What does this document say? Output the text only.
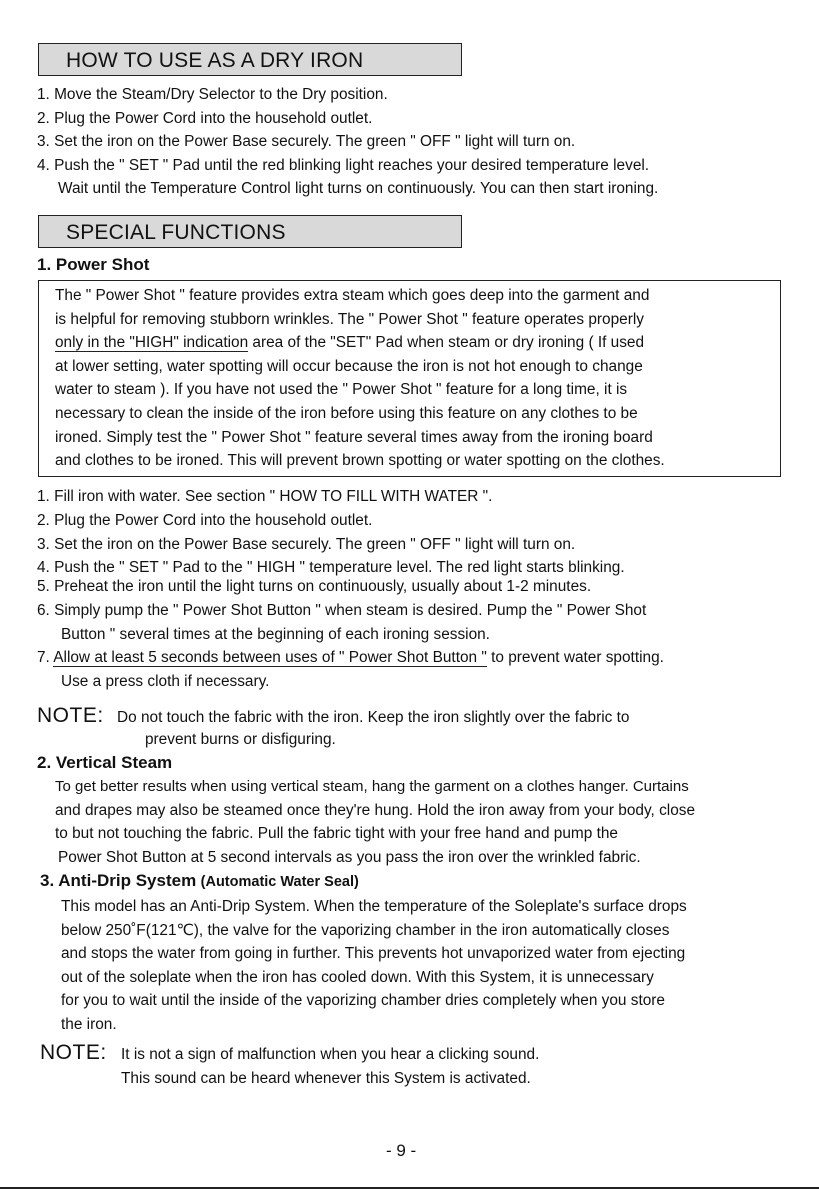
HOW TO USE AS A DRY IRON
1. Move the Steam/Dry Selector to the Dry position.
2. Plug the Power Cord into the household outlet.
3. Set the iron on the Power Base securely. The green " OFF " light will turn on.
4. Push the " SET " Pad until the red blinking light reaches your desired temperature level.
Wait until the Temperature Control light turns on continuously. You can then start ironing.
SPECIAL FUNCTIONS
1. Power Shot
The " Power Shot " feature provides extra steam which goes deep into the garment and
is helpful for removing stubborn wrinkles. The " Power Shot " feature operates properly
only in the "HIGH" indication area of the "SET" Pad when steam or dry ironing ( If used
at lower setting, water spotting will occur because the iron is not hot enough to change
water to steam ). If you have not used the " Power Shot " feature for a long time, it is
necessary to clean the inside of the iron before using this feature on any clothes to be
ironed. Simply test the " Power Shot " feature several times away from the ironing board
and clothes to be ironed. This will prevent brown spotting or water spotting on the clothes.
1. Fill iron with water. See section " HOW TO FILL WITH WATER ".
2. Plug the Power Cord into the household outlet.
3. Set the iron on the Power Base securely. The green " OFF " light will turn on.
4. Push the " SET " Pad to the " HIGH " temperature level. The red light starts blinking.
5. Preheat the iron until the light turns on continuously, usually about 1-2 minutes.
6. Simply pump the " Power Shot Button " when steam is desired. Pump the " Power Shot
Button " several times at the beginning of each ironing session.
7. Allow at least 5 seconds between uses of " Power Shot Button " to prevent water spotting.
Use a press cloth if necessary.
NOTE: Do not touch the fabric with the iron. Keep the iron slightly over the fabric to
prevent burns or disfiguring.
2. Vertical Steam
To get better results when using vertical steam, hang the garment on a clothes hanger. Curtains
and drapes may also be steamed once they're hung. Hold the iron away from your body, close
to but not touching the fabric. Pull the fabric tight with your free hand and pump the
Power Shot Button at 5 second intervals as you pass the iron over the wrinkled fabric.
3. Anti-Drip System (Automatic Water Seal)
This model has an Anti-Drip System. When the temperature of the Soleplate's surface drops
below 250˚F(121℃), the valve for the vaporizing chamber in the iron automatically closes
and stops the water from going in further. This prevents hot unvaporized water from ejecting
out of the soleplate when the iron has cooled down. With this System, it is unnecessary
for you to wait until the inside of the vaporizing chamber dries completely when you store
the iron.
NOTE: It is not a sign of malfunction when you hear a clicking sound.
This sound can be heard whenever this System is activated.
- 9 -
